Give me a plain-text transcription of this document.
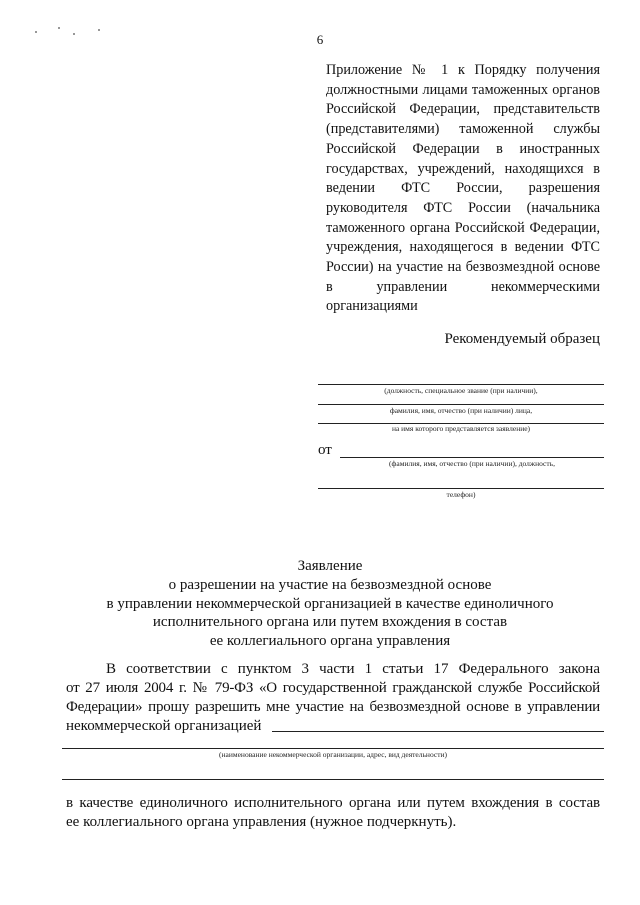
6
Приложение № 1 к Порядку получения должностными лицами таможенных органов Российской Федерации, представительств (представителями) таможенной службы Российской Федерации в иностранных государствах, учреждений, находящихся в ведении ФТС России, разрешения руководителя ФТС России (начальника таможенного органа Российской Федерации, учреждения, находящегося в ведении ФТС России) на участие на безвозмездной основе в управлении некоммерческими организациями
Рекомендуемый образец
(должность, специальное звание (при наличии),
фамилия, имя, отчество (при наличии) лица,
на имя которого представляется заявление)
от
(фамилия, имя, отчество (при наличии), должность,
телефон)
Заявление
о разрешении на участие на безвозмездной основе
в управлении некоммерческой организацией в качестве единоличного
исполнительного органа или путем вхождения в состав
ее коллегиального органа управления
В соответствии с пунктом 3 части 1 статьи 17 Федерального закона
от 27 июля 2004 г. № 79-ФЗ «О государственной гражданской службе Российской
Федерации» прошу разрешить мне участие на безвозмездной основе в управлении
некоммерческой организацией
(наименование некоммерческой организации, адрес, вид деятельности)
в качестве единоличного исполнительного органа или путем вхождения в состав
ее коллегиального органа управления (нужное подчеркнуть).
